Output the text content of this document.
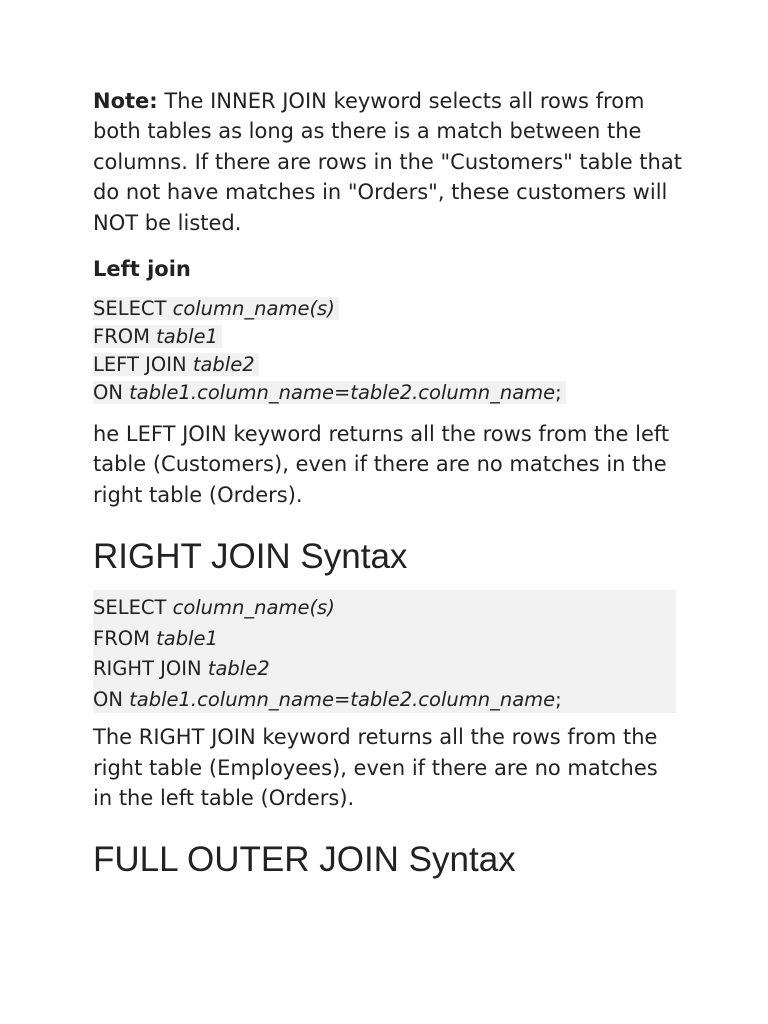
Note: The INNER JOIN keyword selects all rows from both tables as long as there is a match between the columns. If there are rows in the "Customers" table that do not have matches in "Orders", these customers will NOT be listed.

Left join
SELECT column_name(s)
FROM table1
LEFT JOIN table2
ON table1.column_name=table2.column_name;

he LEFT JOIN keyword returns all the rows from the left table (Customers), even if there are no matches in the right table (Orders).

RIGHT JOIN Syntax
SELECT column_name(s)
FROM table1
RIGHT JOIN table2
ON table1.column_name=table2.column_name;

The RIGHT JOIN keyword returns all the rows from the right table (Employees), even if there are no matches in the left table (Orders).

FULL OUTER JOIN Syntax
